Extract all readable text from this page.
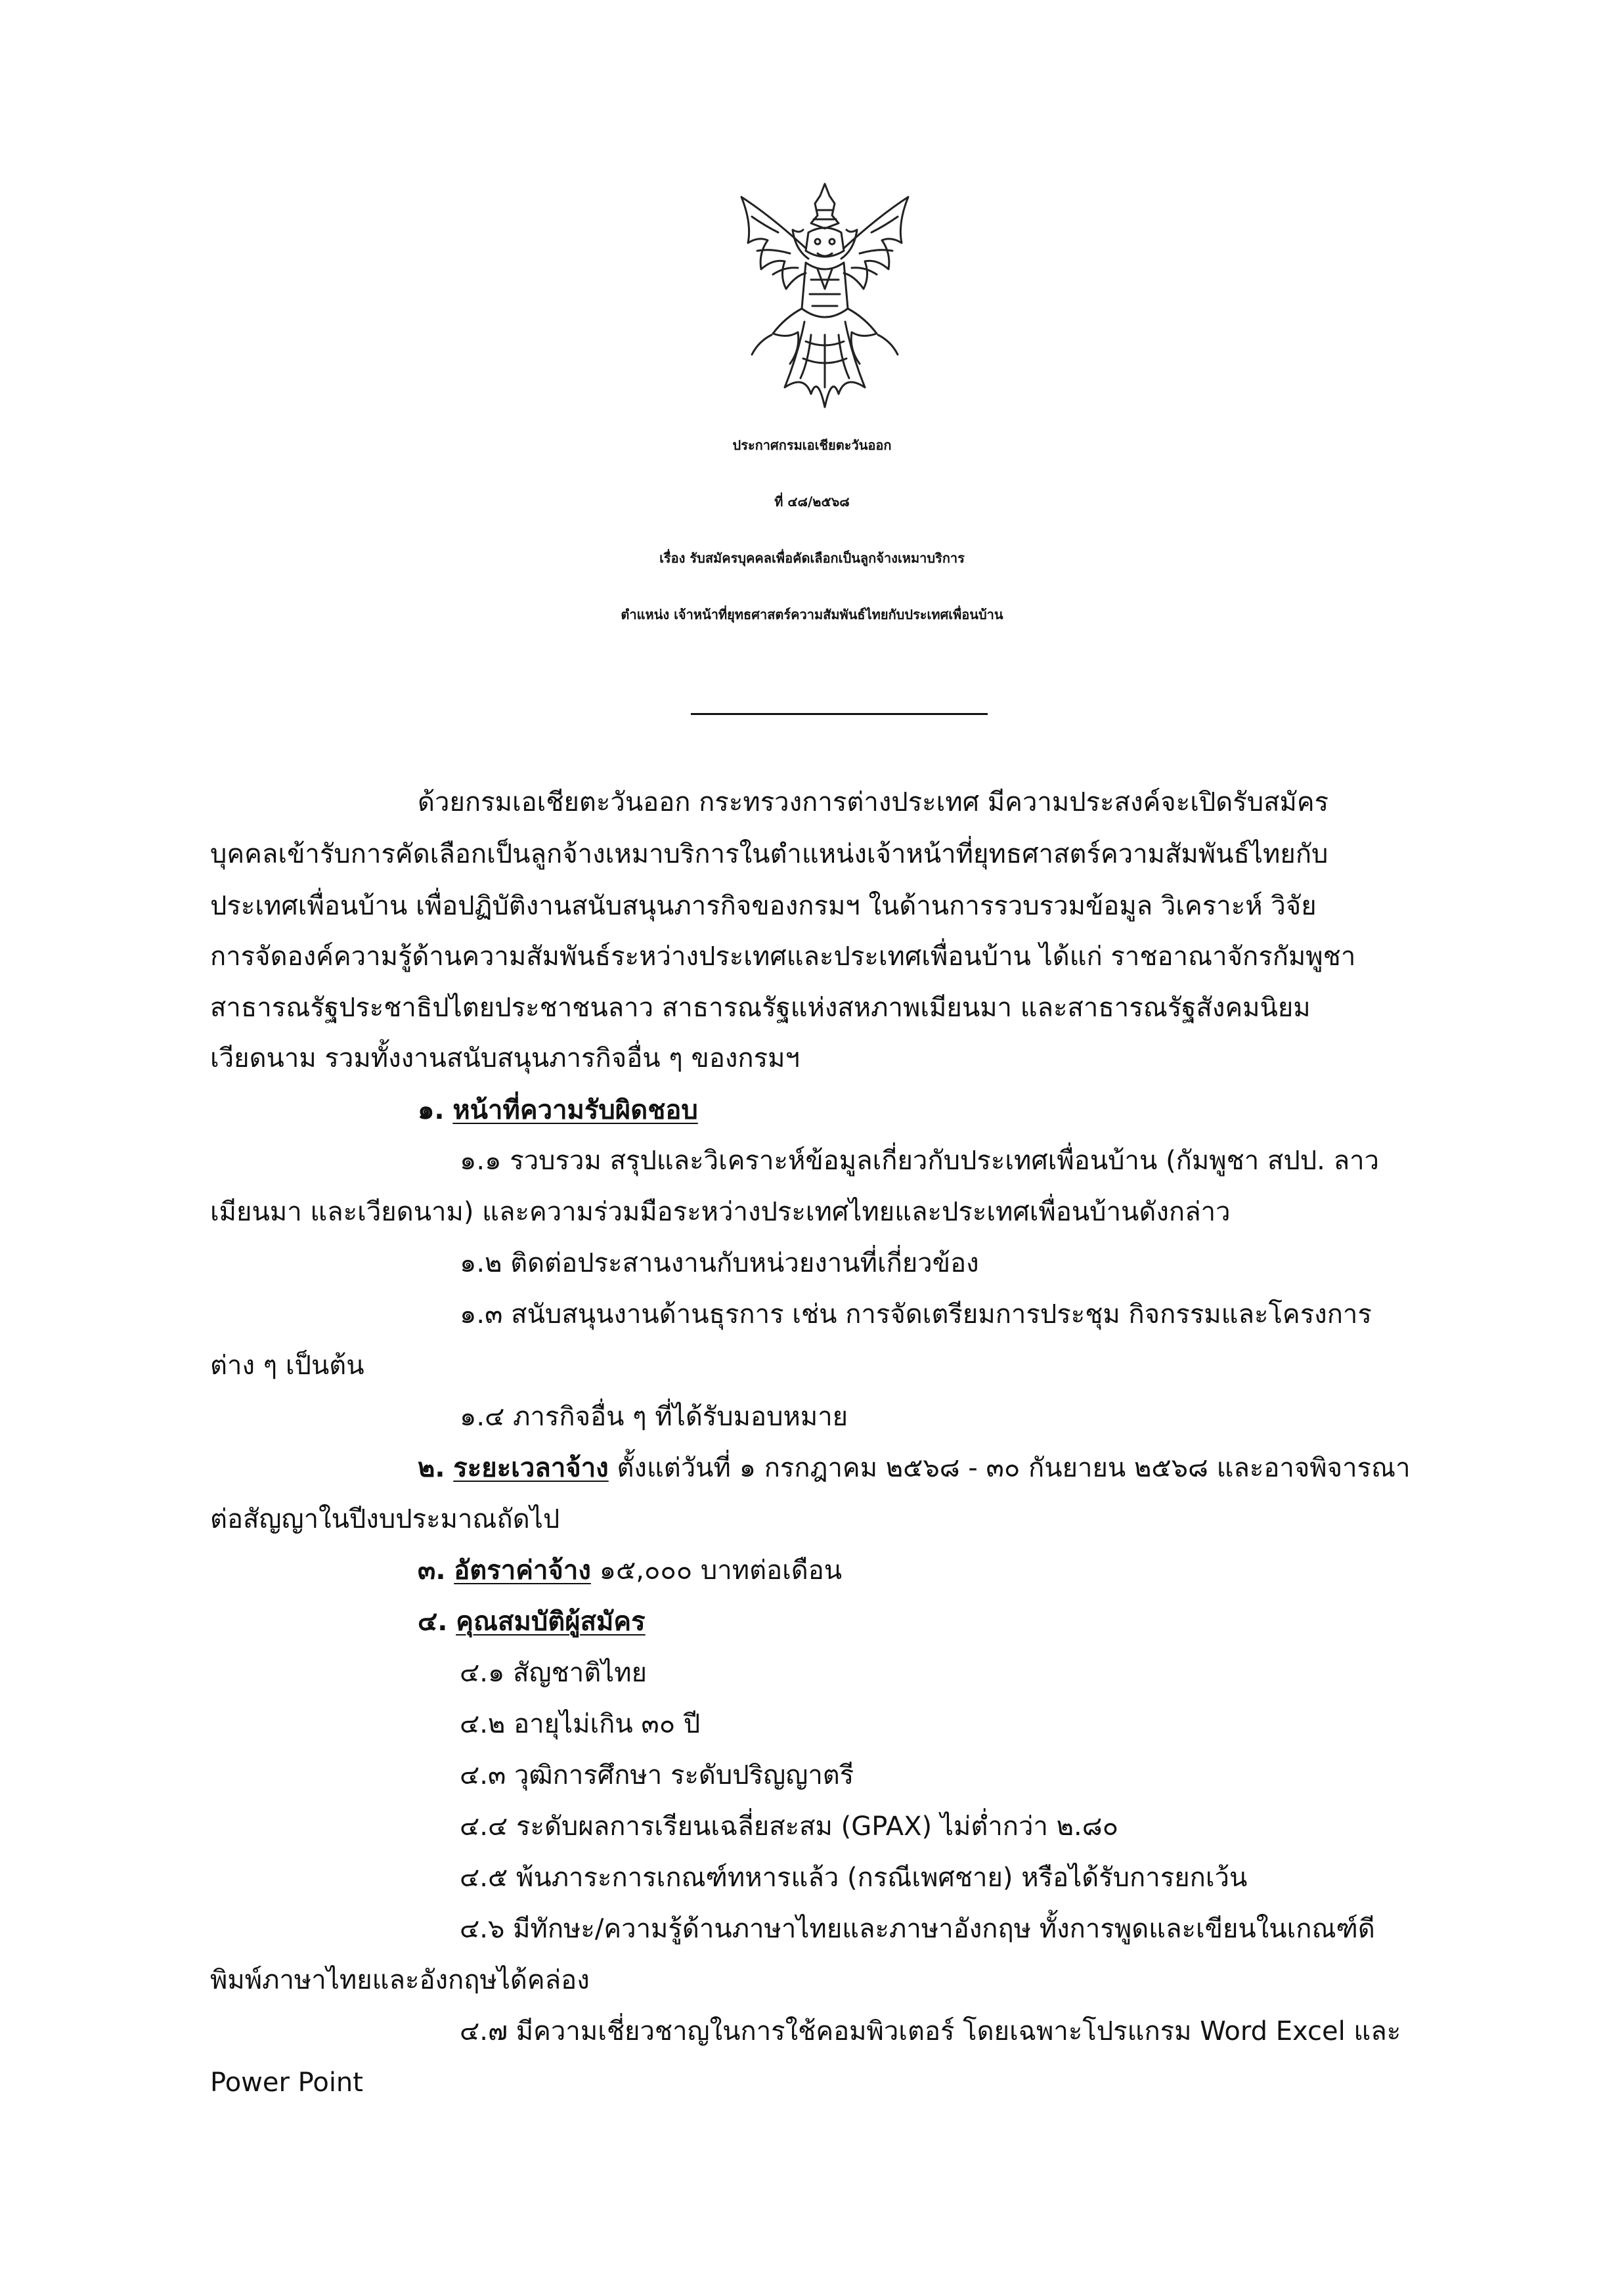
ประกาศกรมเอเชียตะวันออก
ที่ ๔๘/๒๕๖๘
เรื่อง รับสมัครบุคคลเพื่อคัดเลือกเป็นลูกจ้างเหมาบริการ
ตำแหน่ง เจ้าหน้าที่ยุทธศาสตร์ความสัมพันธ์ไทยกับประเทศเพื่อนบ้าน
ด้วยกรมเอเชียตะวันออก กระทรวงการต่างประเทศ มีความประสงค์จะเปิดรับสมัคร
บุคคลเข้ารับการคัดเลือกเป็นลูกจ้างเหมาบริการในตำแหน่งเจ้าหน้าที่ยุทธศาสตร์ความสัมพันธ์ไทยกับ
ประเทศเพื่อนบ้าน เพื่อปฏิบัติงานสนับสนุนภารกิจของกรมฯ ในด้านการรวบรวมข้อมูล วิเคราะห์ วิจัย
การจัดองค์ความรู้ด้านความสัมพันธ์ระหว่างประเทศและประเทศเพื่อนบ้าน ได้แก่ ราชอาณาจักรกัมพูชา
สาธารณรัฐประชาธิปไตยประชาชนลาว สาธารณรัฐแห่งสหภาพเมียนมา และสาธารณรัฐสังคมนิยม
เวียดนาม รวมทั้งงานสนับสนุนภารกิจอื่น ๆ ของกรมฯ
๑. หน้าที่ความรับผิดชอบ
๑.๑ รวบรวม สรุปและวิเคราะห์ข้อมูลเกี่ยวกับประเทศเพื่อนบ้าน (กัมพูชา สปป. ลาว
เมียนมา และเวียดนาม) และความร่วมมือระหว่างประเทศไทยและประเทศเพื่อนบ้านดังกล่าว
๑.๒ ติดต่อประสานงานกับหน่วยงานที่เกี่ยวข้อง
๑.๓ สนับสนุนงานด้านธุรการ เช่น การจัดเตรียมการประชุม กิจกรรมและโครงการ
ต่าง ๆ เป็นต้น
๑.๔ ภารกิจอื่น ๆ ที่ได้รับมอบหมาย
๒. ระยะเวลาจ้าง ตั้งแต่วันที่ ๑ กรกฎาคม ๒๕๖๘ - ๓๐ กันยายน ๒๕๖๘ และอาจพิจารณา
ต่อสัญญาในปีงบประมาณถัดไป
๓. อัตราค่าจ้าง ๑๕,๐๐๐ บาทต่อเดือน
๔. คุณสมบัติผู้สมัคร
๔.๑ สัญชาติไทย
๔.๒ อายุไม่เกิน ๓๐ ปี
๔.๓ วุฒิการศึกษา ระดับปริญญาตรี
๔.๔ ระดับผลการเรียนเฉลี่ยสะสม (GPAX) ไม่ต่ำกว่า ๒.๘๐
๔.๕ พ้นภาระการเกณฑ์ทหารแล้ว (กรณีเพศชาย) หรือได้รับการยกเว้น
๔.๖ มีทักษะ/ความรู้ด้านภาษาไทยและภาษาอังกฤษ ทั้งการพูดและเขียนในเกณฑ์ดี
พิมพ์ภาษาไทยและอังกฤษได้คล่อง
๔.๗ มีความเชี่ยวชาญในการใช้คอมพิวเตอร์ โดยเฉพาะโปรแกรม Word Excel และ
Power Point
